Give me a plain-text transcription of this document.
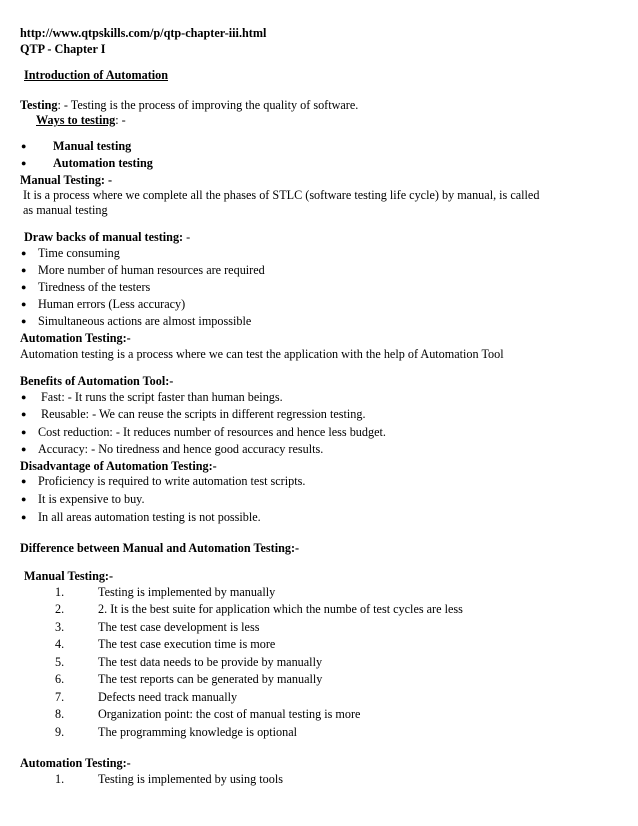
http://www.qtpskills.com/p/qtp-chapter-iii.html
QTP - Chapter I
Introduction of Automation
Testing: - Testing is the process of improving the quality of software.
Ways to testing: -
● Manual testing
● Automation testing
Manual Testing: -
It is a process where we complete all the phases of STLC (software testing life cycle) by manual, is called
as manual testing
Draw backs of manual testing: -
● Time consuming
● More number of human resources are required
● Tiredness of the testers
● Human errors (Less accuracy)
● Simultaneous actions are almost impossible
Automation Testing:-
Automation testing is a process where we can test the application with the help of Automation Tool
Benefits of Automation Tool:-
● Fast: - It runs the script faster than human beings.
● Reusable: - We can reuse the scripts in different regression testing.
● Cost reduction: - It reduces number of resources and hence less budget.
● Accuracy: - No tiredness and hence good accuracy results.
Disadvantage of Automation Testing:-
● Proficiency is required to write automation test scripts.
● It is expensive to buy.
● In all areas automation testing is not possible.
Difference between Manual and Automation Testing:-
Manual Testing:-
1.	Testing is implemented by manually
2.	2. It is the best suite for application which the numbe of test cycles are less
3.	The test case development is less
4.	The test case execution time is more
5.	The test data needs to be provide by manually
6.	The test reports can be generated by manually
7.	Defects need track manually
8.	Organization point: the cost of manual testing is more
9.	The programming knowledge is optional
Automation Testing:-
1.	Testing is implemented by using tools
